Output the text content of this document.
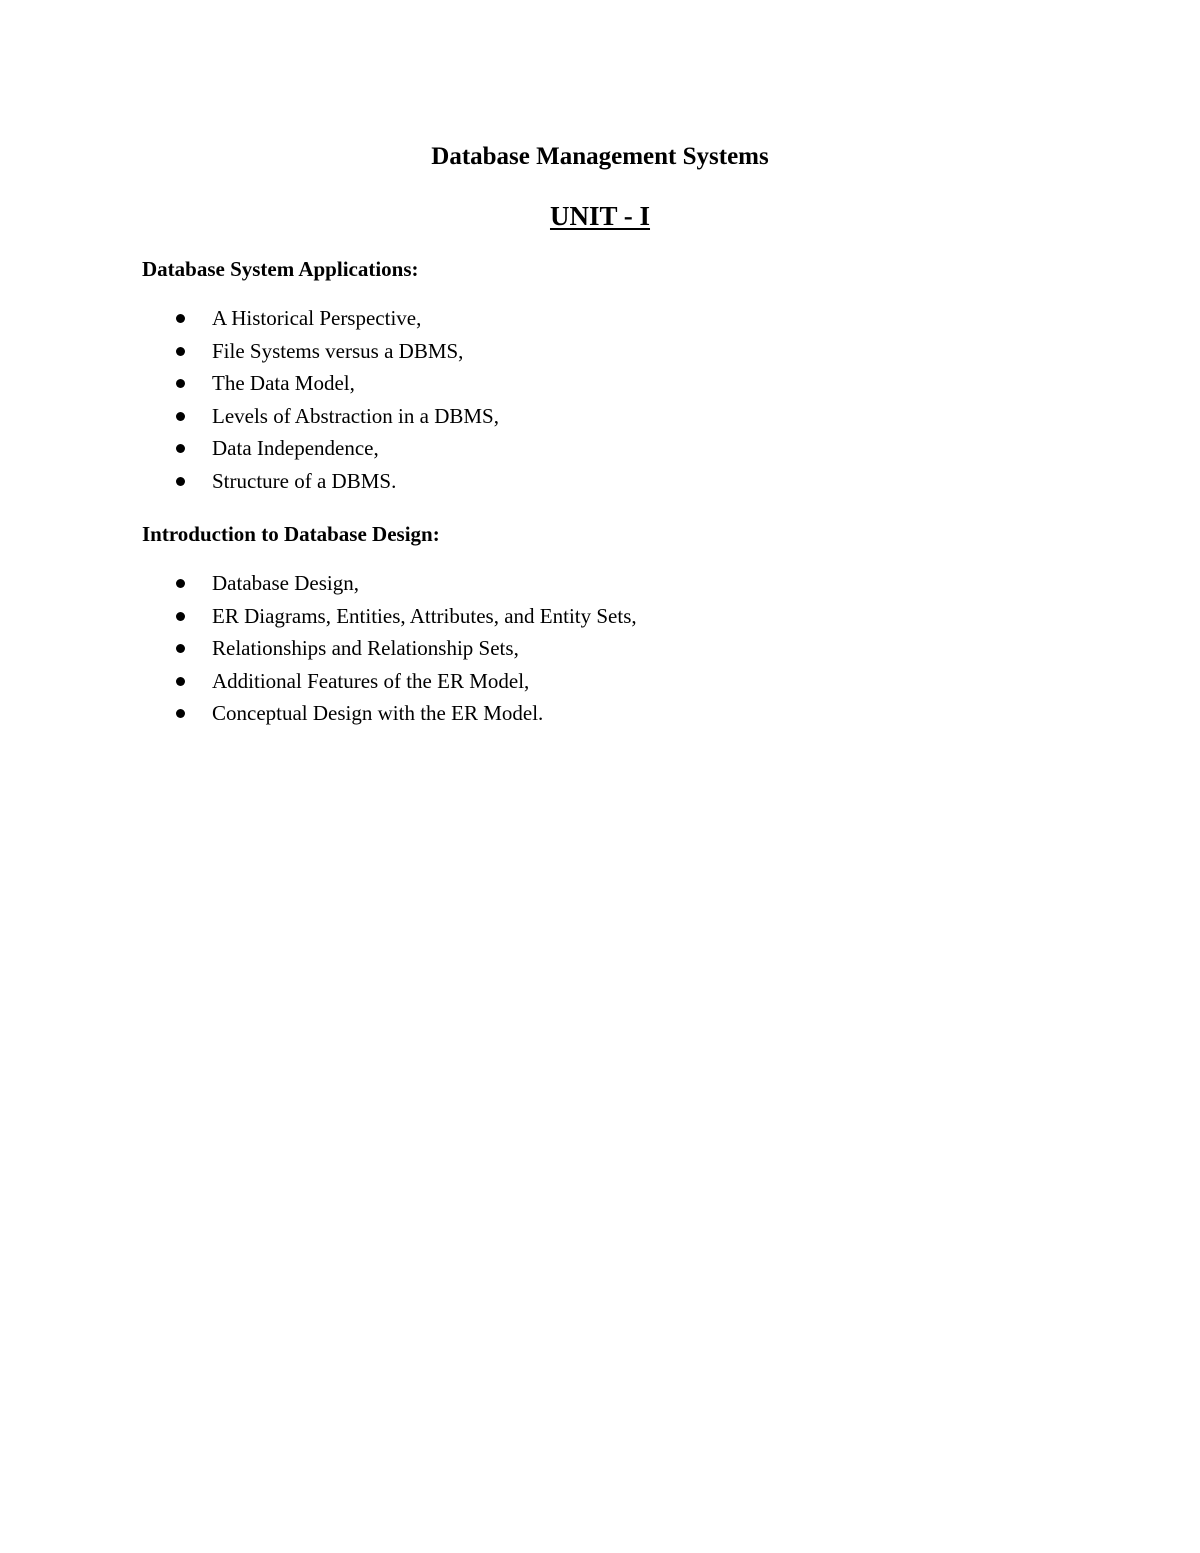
Database Management Systems
UNIT - I

Database System Applications:

A Historical Perspective,
File Systems versus a DBMS,
The Data Model,
Levels of Abstraction in a DBMS,
Data Independence,
Structure of a DBMS.

Introduction to Database Design:

Database Design,
ER Diagrams, Entities, Attributes, and Entity Sets,
Relationships and Relationship Sets,
Additional Features of the ER Model,
Conceptual Design with the ER Model.
